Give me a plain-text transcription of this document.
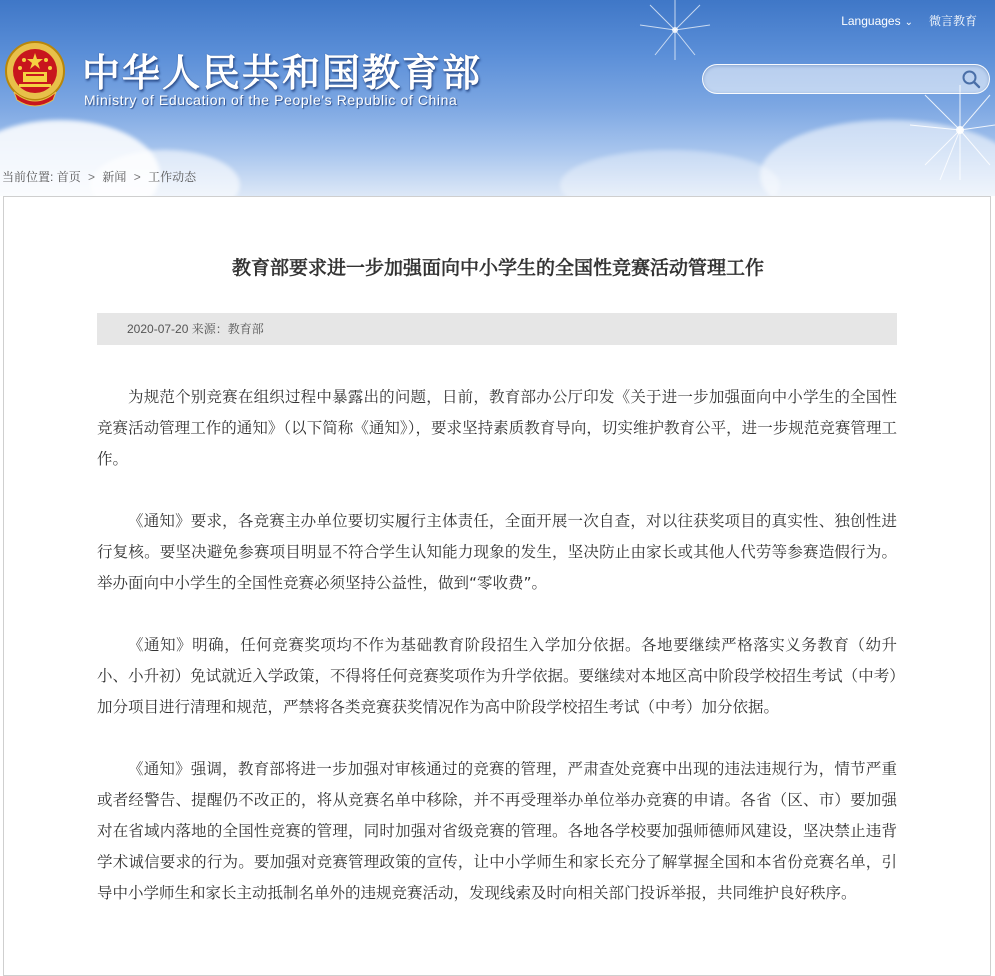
中华人民共和国教育部
Ministry of Education of the People's Republic of China
Languages ⌄ 微言教育
当前位置: 首页 > 新闻 > 工作动态
教育部要求进一步加强面向中小学生的全国性竞赛活动管理工作
2020-07-20 来源：教育部

为规范个别竞赛在组织过程中暴露出的问题，日前，教育部办公厅印发《关于进一步加强面向中小学生的全国性竞赛活动管理工作的通知》（以下简称《通知》），要求坚持素质教育导向，切实维护教育公平，进一步规范竞赛管理工作。

《通知》要求，各竞赛主办单位要切实履行主体责任，全面开展一次自查，对以往获奖项目的真实性、独创性进行复核。要坚决避免参赛项目明显不符合学生认知能力现象的发生，坚决防止由家长或其他人代劳等参赛造假行为。举办面向中小学生的全国性竞赛必须坚持公益性，做到“零收费”。

《通知》明确，任何竞赛奖项均不作为基础教育阶段招生入学加分依据。各地要继续严格落实义务教育（幼升小、小升初）免试就近入学政策，不得将任何竞赛奖项作为升学依据。要继续对本地区高中阶段学校招生考试（中考）加分项目进行清理和规范，严禁将各类竞赛获奖情况作为高中阶段学校招生考试（中考）加分依据。

《通知》强调，教育部将进一步加强对审核通过的竞赛的管理，严肃查处竞赛中出现的违法违规行为，情节严重或者经警告、提醒仍不改正的，将从竞赛名单中移除，并不再受理举办单位举办竞赛的申请。各省（区、市）要加强对在省域内落地的全国性竞赛的管理，同时加强对省级竞赛的管理。各地各学校要加强师德师风建设，坚决禁止违背学术诚信要求的行为。要加强对竞赛管理政策的宣传，让中小学师生和家长充分了解掌握全国和本省份竞赛名单，引导中小学师生和家长主动抵制名单外的违规竞赛活动，发现线索及时向相关部门投诉举报，共同维护良好秩序。
